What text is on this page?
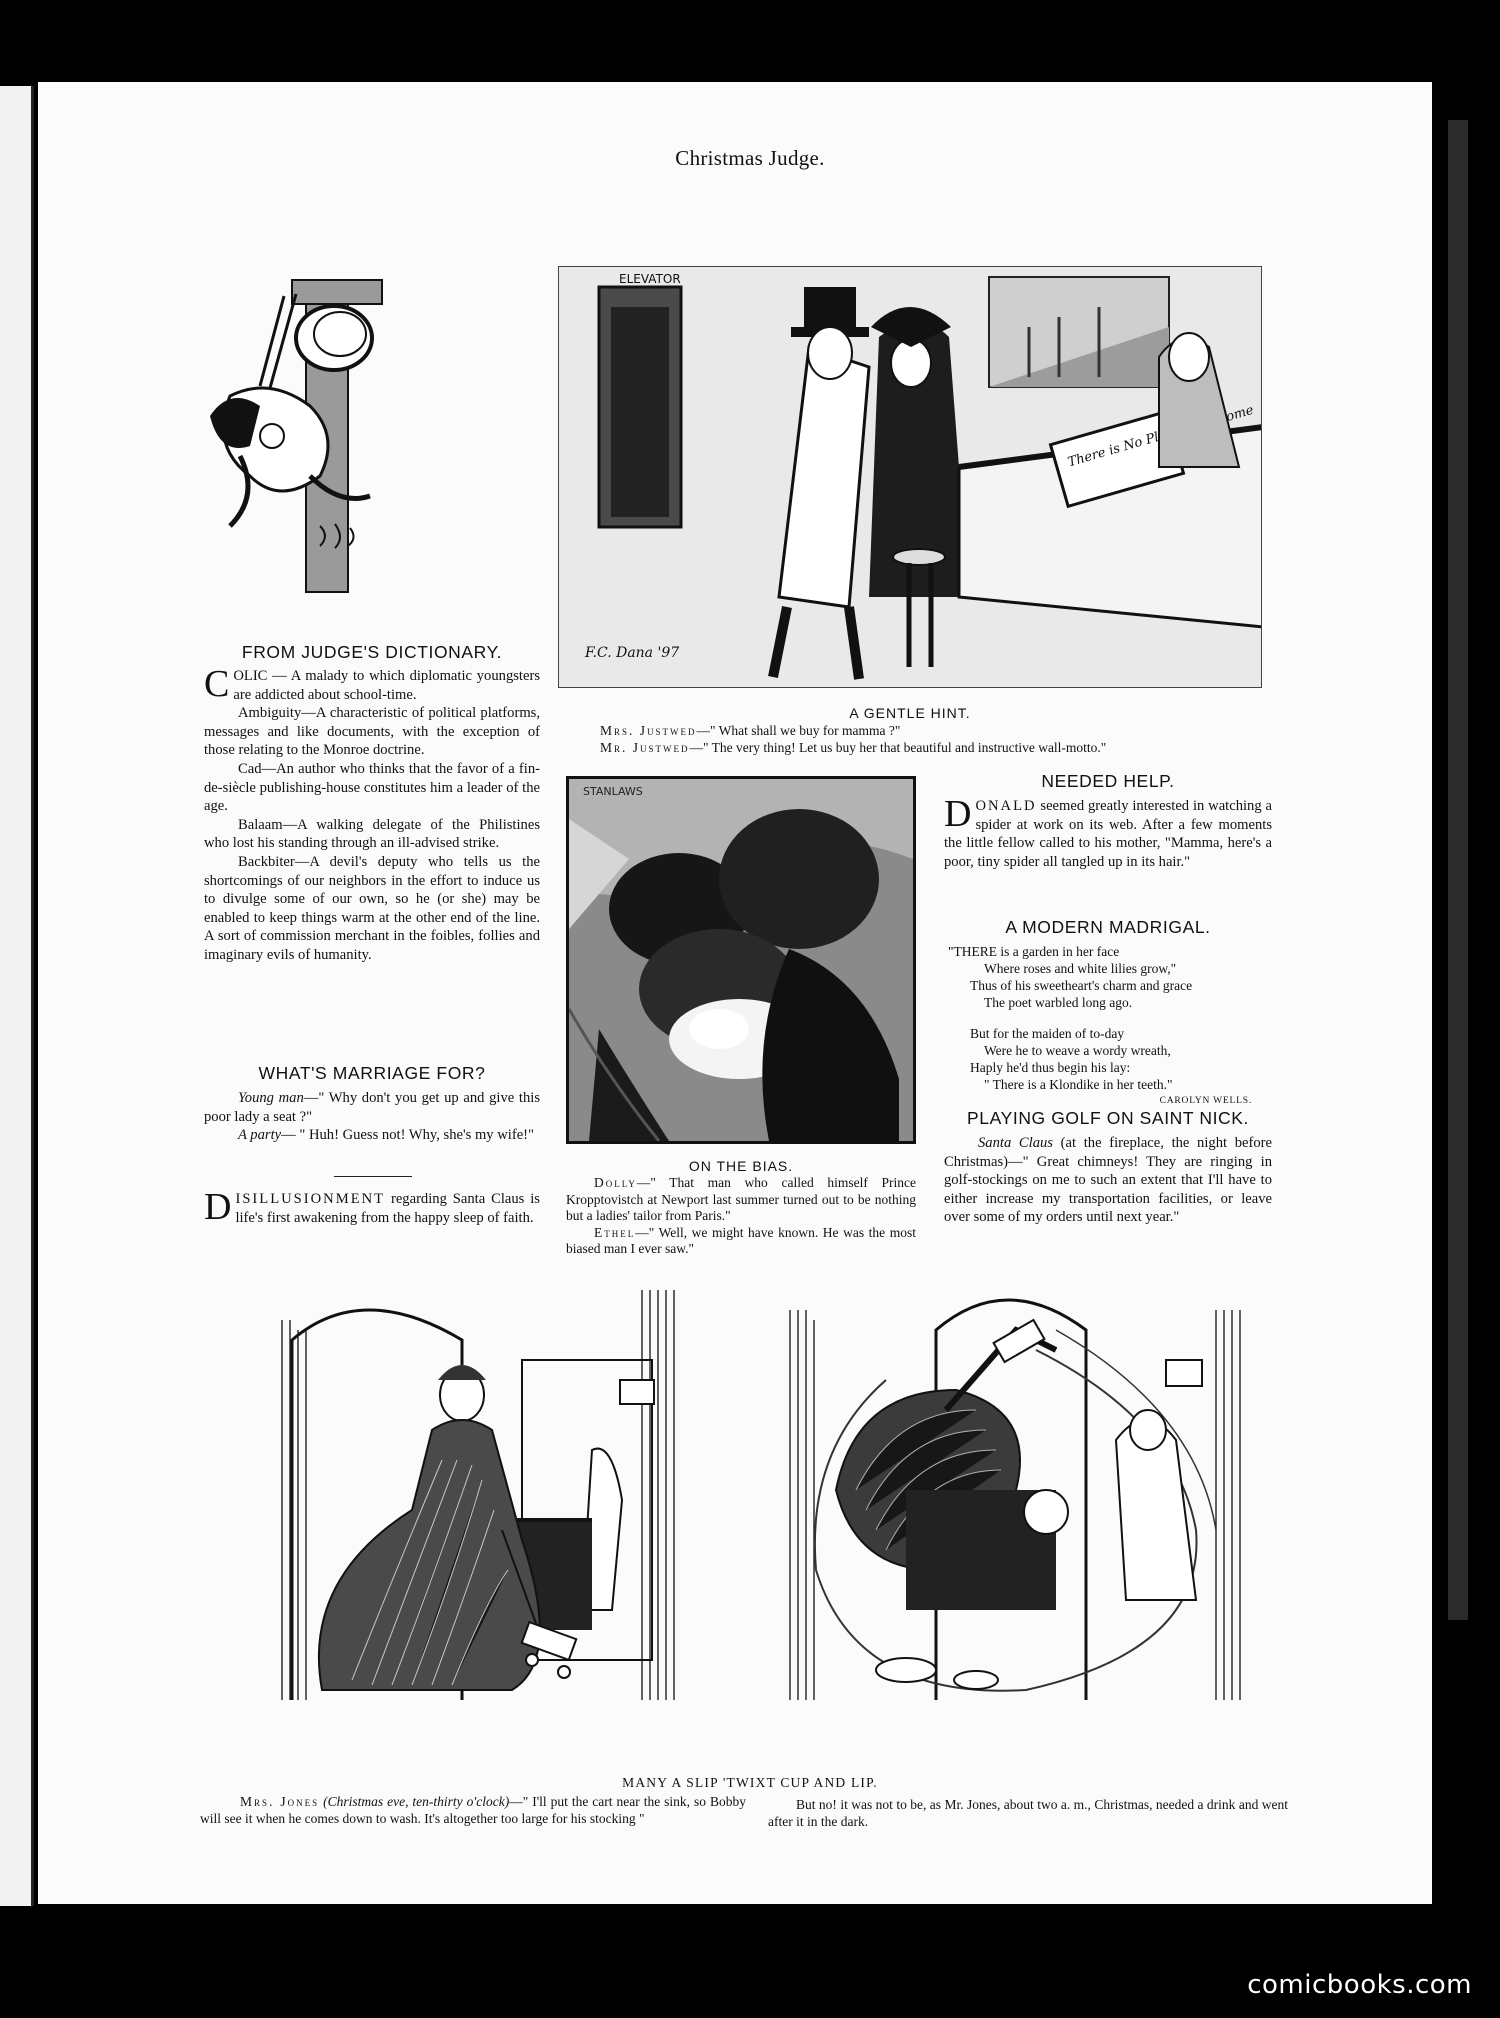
Christmas Judge.
FROM JUDGE'S DICTIONARY.

COLIC — A malady to which diplomatic youngsters are addicted about school-time.

Ambiguity—A characteristic of political platforms, messages and like documents, with the exception of those relating to the Monroe doctrine.

Cad—An author who thinks that the favor of a fin-de-siècle publishing-house constitutes him a leader of the age.

Balaam—A walking delegate of the Philistines who lost his standing through an ill-advised strike.

Backbiter—A devil's deputy who tells us the shortcomings of our neighbors in the effort to induce us to divulge some of our own, so he (or she) may be enabled to keep things warm at the other end of the line. A sort of commission merchant in the foibles, follies and imaginary evils of humanity.

WHAT'S MARRIAGE FOR?

Young man—" Why don't you get up and give this poor lady a seat ?"

A party— " Huh! Guess not! Why, she's my wife!"

DISILLUSIONMENT regarding Santa Claus is life's first awakening from the happy sleep of faith.

ELEVATOR
There is No Home
F.C. Dana '97
A GENTLE HINT.
Mrs. Justwed—" What shall we buy for mamma ?"
Mr. Justwed—" The very thing! Let us buy her that beautiful and instructive wall-motto."
STANLAWS
ON THE BIAS.

Dolly—" That man who called himself Prince Kropptovistch at Newport last summer turned out to be nothing but a ladies' tailor from Paris."

Ethel—" Well, we might have known. He was the most biased man I ever saw."

NEEDED HELP.

DONALD seemed greatly interested in watching a spider at work on its web. After a few moments the little fellow called to his mother, "Mamma, here's a poor, tiny spider all tangled up in its hair."

A MODERN MADRIGAL.
"THERE is a garden in her face
Where roses and white lilies grow,"
Thus of his sweetheart's charm and grace
The poet warbled long ago.
But for the maiden of to-day
Were he to weave a wordy wreath,
Haply he'd thus begin his lay:
" There is a Klondike in her teeth."
CAROLYN WELLS.
PLAYING GOLF ON SAINT NICK.

Santa Claus (at the fireplace, the night before Christmas)—" Great chimneys! They are ringing in golf-stockings on me to such an extent that I'll have to either increase my transportation facilities, or leave over some of my orders until next year."

MANY A SLIP 'TWIXT CUP AND LIP.

Mrs. Jones (Christmas eve, ten-thirty o'clock)—" I'll put the cart near the sink, so Bobby will see it when he comes down to wash. It's altogether too large for his stocking "

But no! it was not to be, as Mr. Jones, about two a. m., Christmas, needed a drink and went after it in the dark.

comicbooks.com
